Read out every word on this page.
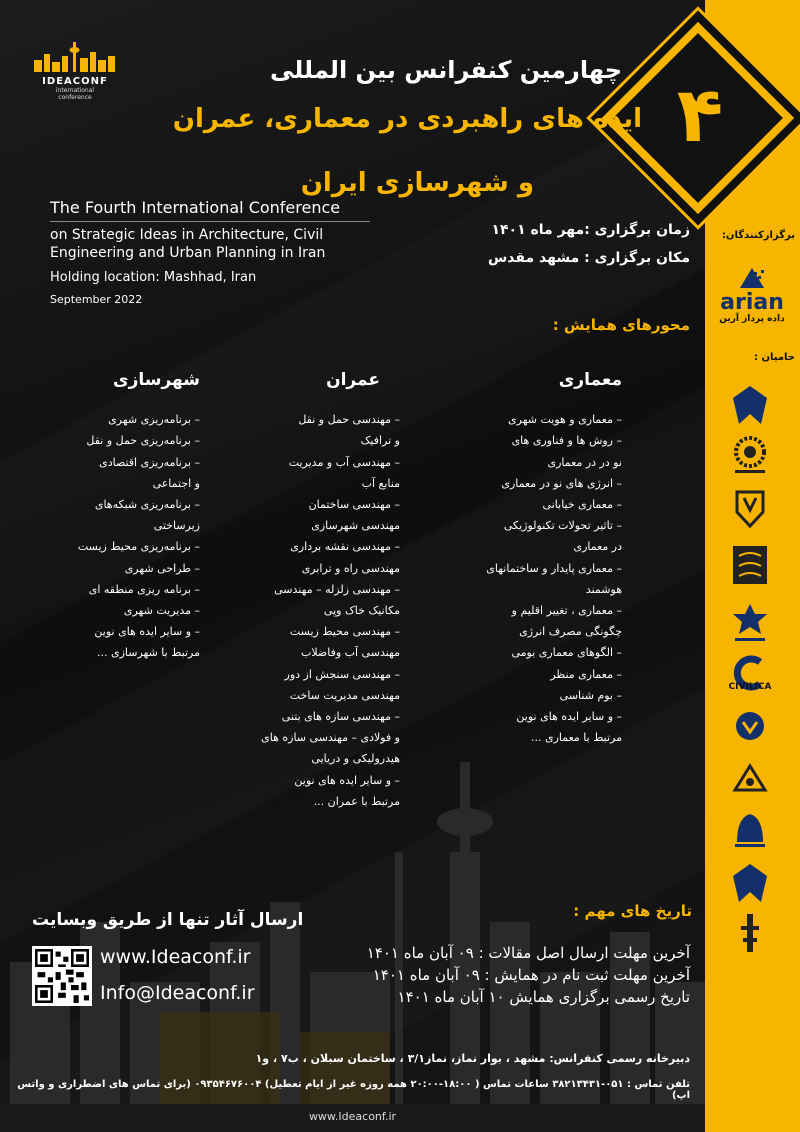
۴
IDEACONF
international
conference
چهارمین کنفرانس بین المللی
ایده های راهبردی در معماری، عمران
و شهرسازی ایران
The Fourth International Conference
on Strategic Ideas in Architecture, Civil Engineering and Urban Planning in Iran
Holding location: Mashhad, Iran
September 2022
زمان برگزاری :مهر ماه ۱۴۰۱
مکان برگزاری : مشهد مقدس
محورهای همایش :
معماری
– معماری و هویت شهری
– روش ها و فناوری های
نو در در معماری
– انرژی های نو در معماری
– معماری خیابانی
– تاثیر تحولات تکنولوژیکی
در معماری
– معماری پایدار و ساختمانهای
هوشمند
– معماری ، تغییر اقلیم و
چگونگی مصرف انرژی
– الگوهای معماری بومی
– معماری منظر
– بوم شناسی
– و سایر ایده های نوین
مرتبط با معماری ...
عمران
– مهندسی حمل و نقل
و ترافیک
– مهندسی آب و مدیریت
منابع آب
– مهندسی ساختمان
مهندسی شهرسازی
– مهندسی نقشه برداری
مهندسی راه و ترابری
– مهندسی زلزله – مهندسی
مکانیک خاک وپی
– مهندسی محیط زیست
مهندسی آب وفاضلاب
– مهندسی سنجش از دور
مهندسی مدیریت ساخت
– مهندسی سازه های بتنی
و فولادی – مهندسی سازه های
هیدرولیکی و دریایی
– و سایر ایده های نوین
مرتبط با عمران ...
شهرسازی
– برنامه‌ریزی شهری
– برنامه‌ریزی حمل و نقل
– برنامه‌ریزی اقتصادی
و اجتماعی
– برنامه‌ریزی شبکه‌های
زیرساختی
– برنامه‌ریزی محیط زیست
– طراحی شهری
– برنامه ریزی منطقه ای
– مدیریت شهری
– و سایر ایده های نوین
مرتبط با شهرسازی ...
تاریخ های مهم :
آخرین مهلت ارسال اصل مقالات : ۰۹ آبان ماه ۱۴۰۱
آخرین مهلت ثبت نام در همایش : ۰۹ آبان ماه ۱۴۰۱
تاریخ رسمی برگزاری همایش ۱۰ آبان ماه ۱۴۰۱
ارسال آثار تنها از طریق وبسایت
www.Ideaconf.ir
Info@Ideaconf.ir
دبیرخانه رسمی کنفرانس: مشهد ، بوار نماز، نماز۳/۱ ، ساختمان سبلان ، ب۷ ، و۱
تلفن تماس : ۰۵۱-۳۸۲۱۳۴۳۱ ساعات تماس ( ۱۸:۰۰-۲۰:۰۰ همه روزه غیر از ایام تعطیل) ۰۹۳۵۴۶۷۶۰۰۴ (برای تماس های اضطراری و واتس اپ)
www.Ideaconf.ir
برگزارکنندگان:
arian
داده پرداز آرین
حامیان :
CIVILICA
